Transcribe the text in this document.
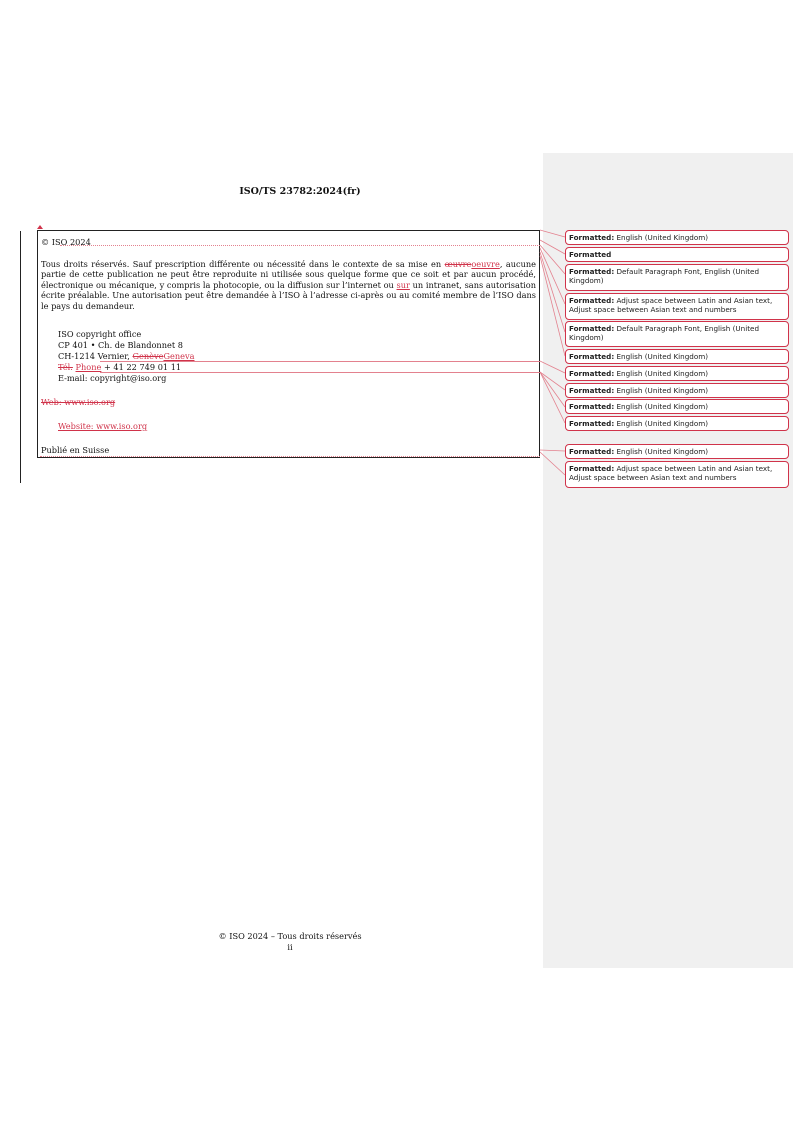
ISO/TS 23782:2024(fr)
© ISO 2024
Tous droits réservés. Sauf prescription différente ou nécessité dans le contexte de sa mise en œuvreoeuvre, aucune partie de cette publication ne peut être reproduite ni utilisée sous quelque forme que ce soit et par aucun procédé, électronique ou mécanique, y compris la photocopie, ou la diffusion sur l’internet ou sur un intranet, sans autorisation écrite préalable. Une autorisation peut être demandée à l’ISO à l’adresse ci-après ou au comité membre de l’ISO dans le pays du demandeur.
ISO copyright office
CP 401 • Ch. de Blandonnet 8
CH-1214 Vernier, GenèveGeneva
Tél. Phone + 41 22 749 01 11
E-mail: copyright@iso.org
Web: www.iso.org
Website: www.iso.org
Publié en Suisse
Formatted: English (United Kingdom)
Formatted
Formatted: Default Paragraph Font, English (United Kingdom)
Formatted: Adjust space between Latin and Asian text, Adjust space between Asian text and numbers
Formatted: Default Paragraph Font, English (United Kingdom)
Formatted: English (United Kingdom)
Formatted: English (United Kingdom)
Formatted: English (United Kingdom)
Formatted: English (United Kingdom)
Formatted: English (United Kingdom)
Formatted: English (United Kingdom)
Formatted: Adjust space between Latin and Asian text, Adjust space between Asian text and numbers
© ISO 2024 – Tous droits réservés
ii
